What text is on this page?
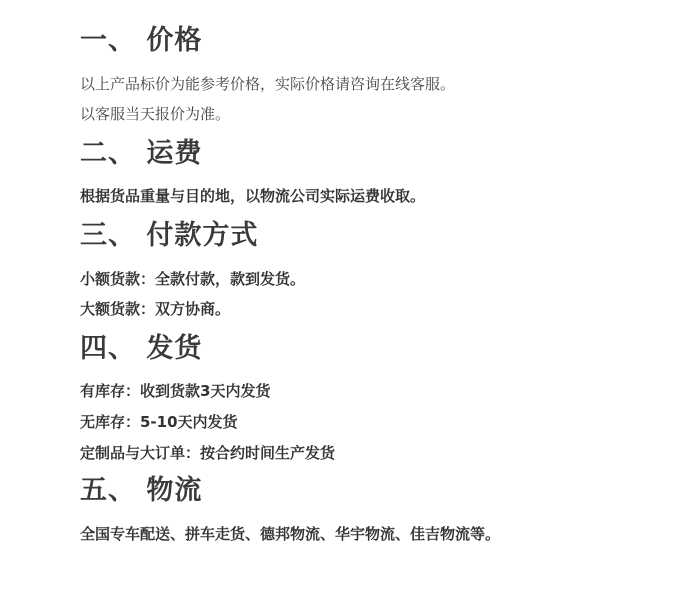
一、 价格
以上产品标价为能参考价格，实际价格请咨询在线客服。
以客服当天报价为准。
二、 运费
根据货品重量与目的地，以物流公司实际运费收取。
三、 付款方式
小额货款：全款付款，款到发货。
大额货款：双方协商。
四、 发货
有库存：收到货款3天内发货
无库存：5-10天内发货
定制品与大订单：按合约时间生产发货
五、 物流
全国专车配送、拼车走货、德邦物流、华宇物流、佳吉物流等。
